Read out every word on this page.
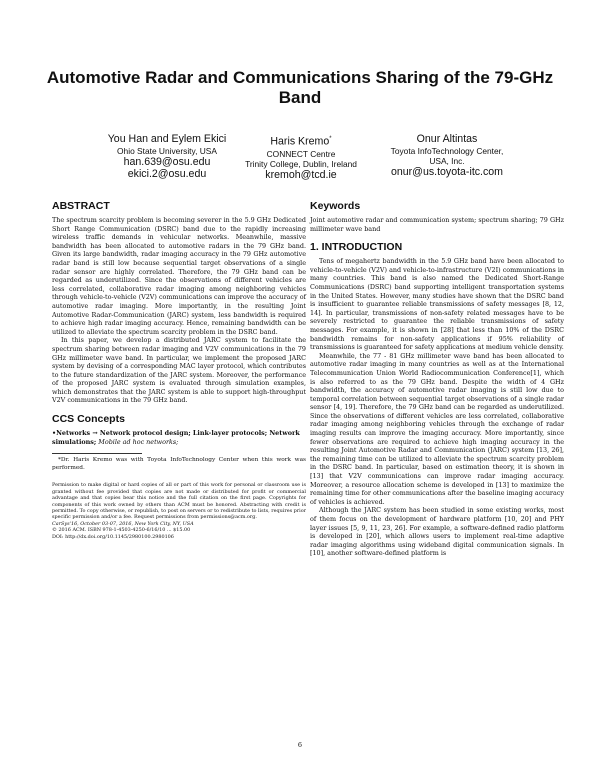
Automotive Radar and Communications Sharing of the 79-GHz Band
You Han and Eylem Ekici
Ohio State University, USA
han.639@osu.edu
ekici.2@osu.edu
Haris Kremo*
CONNECT Centre
Trinity College, Dublin, Ireland
kremoh@tcd.ie
Onur Altintas
Toyota InfoTechnology Center,
USA, Inc.
onur@us.toyota-itc.com
ABSTRACT

The spectrum scarcity problem is becoming severer in the 5.9 GHz Dedicated Short Range Communication (DSRC) band due to the rapidly increasing wireless traffic demands in vehicular networks. Meanwhile, massive bandwidth has been allocated to automotive radars in the 79 GHz band. Given its large bandwidth, radar imaging accuracy in the 79 GHz automotive radar band is still low because sequential target observations of a single radar sensor are highly correlated. Therefore, the 79 GHz band can be regarded as underutilized. Since the observations of different vehicles are less correlated, collaborative radar imaging among neighboring vehicles through vehicle-to-vehicle (V2V) communications can improve the accuracy of automotive radar imaging. More importantly, in the resulting Joint Automotive Radar-Communication (JARC) system, less bandwidth is required to achieve high radar imaging accuracy. Hence, remaining bandwidth can be utilized to alleviate the spectrum scarcity problem in the DSRC band.

In this paper, we develop a distributed JARC system to facilitate the spectrum sharing between radar imaging and V2V communications in the 79 GHz millimeter wave band. In particular, we implement the proposed JARC system by devising of a corresponding MAC layer protocol, which contributes to the future standardization of the JARC system. Moreover, the performance of the proposed JARC system is evaluated through simulation examples, which demonstrates that the JARC system is able to support high-throughput V2V communications in the 79 GHz band.

CCS Concepts
•Networks → Network protocol design; Link-layer protocols; Network simulations; Mobile ad hoc networks;

*Dr. Haris Kremo was with Toyota InfoTechnology Center when this work was performed.

Permission to make digital or hard copies of all or part of this work for personal or classroom use is granted without fee provided that copies are not made or distributed for profit or commercial advantage and that copies bear this notice and the full citation on the first page. Copyrights for components of this work owned by others than ACM must be honored. Abstracting with credit is permitted. To copy otherwise, or republish, to post on servers or to redistribute to lists, requires prior specific permission and/or a fee. Request permissions from permissions@acm.org.

CarSys'16, October 03-07, 2016, New York City, NY, USA
© 2016 ACM. ISBN 978-1-4503-4250-6/16/10 ... $15.00
DOI: http://dx.doi.org/10.1145/2980100.2980106
Keywords

Joint automotive radar and communication system; spectrum sharing; 79 GHz millimeter wave band

1. INTRODUCTION

Tens of megahertz bandwidth in the 5.9 GHz band have been allocated to vehicle-to-vehicle (V2V) and vehicle-to-infrastructure (V2I) communications in many countries. This band is also named the Dedicated Short-Range Communications (DSRC) band supporting intelligent transportation systems in the United States. However, many studies have shown that the DSRC band is insufficient to guarantee reliable transmissions of safety messages [8, 12, 14]. In particular, transmissions of non-safety related messages have to be severely restricted to guarantee the reliable transmissions of safety messages. For example, it is shown in [28] that less than 10% of the DSRC bandwidth remains for non-safety applications if 95% reliability of transmissions is guaranteed for safety applications at medium vehicle density.

Meanwhile, the 77 - 81 GHz millimeter wave band has been allocated to automotive radar imaging in many countries as well as at the International Telecommunication Union World Radiocommunication Conference[1], which is also referred to as the 79 GHz band. Despite the width of 4 GHz bandwidth, the accuracy of automotive radar imaging is still low due to temporal correlation between sequential target observations of a single radar sensor [4, 19]. Therefore, the 79 GHz band can be regarded as underutilized. Since the observations of different vehicles are less correlated, collaborative radar imaging among neighboring vehicles through the exchange of radar imaging results can improve the imaging accuracy. More importantly, since fewer observations are required to achieve high imaging accuracy in the resulting Joint Automotive Radar and Communication (JARC) system [13, 26], the remaining time can be utilized to alleviate the spectrum scarcity problem in the DSRC band. In particular, based on estimation theory, it is shown in [13] that V2V communications can improve radar imaging accuracy. Moreover, a resource allocation scheme is developed in [13] to maximize the remaining time for other communications after the baseline imaging accuracy of vehicles is achieved.

Although the JARC system has been studied in some existing works, most of them focus on the development of hardware platform [10, 20] and PHY layer issues [5, 9, 11, 23, 26]. For example, a software-defined radio platform is developed in [20], which allows users to implement real-time adaptive radar imaging algorithms using wideband digital communication signals. In [10], another software-defined platform is

6
